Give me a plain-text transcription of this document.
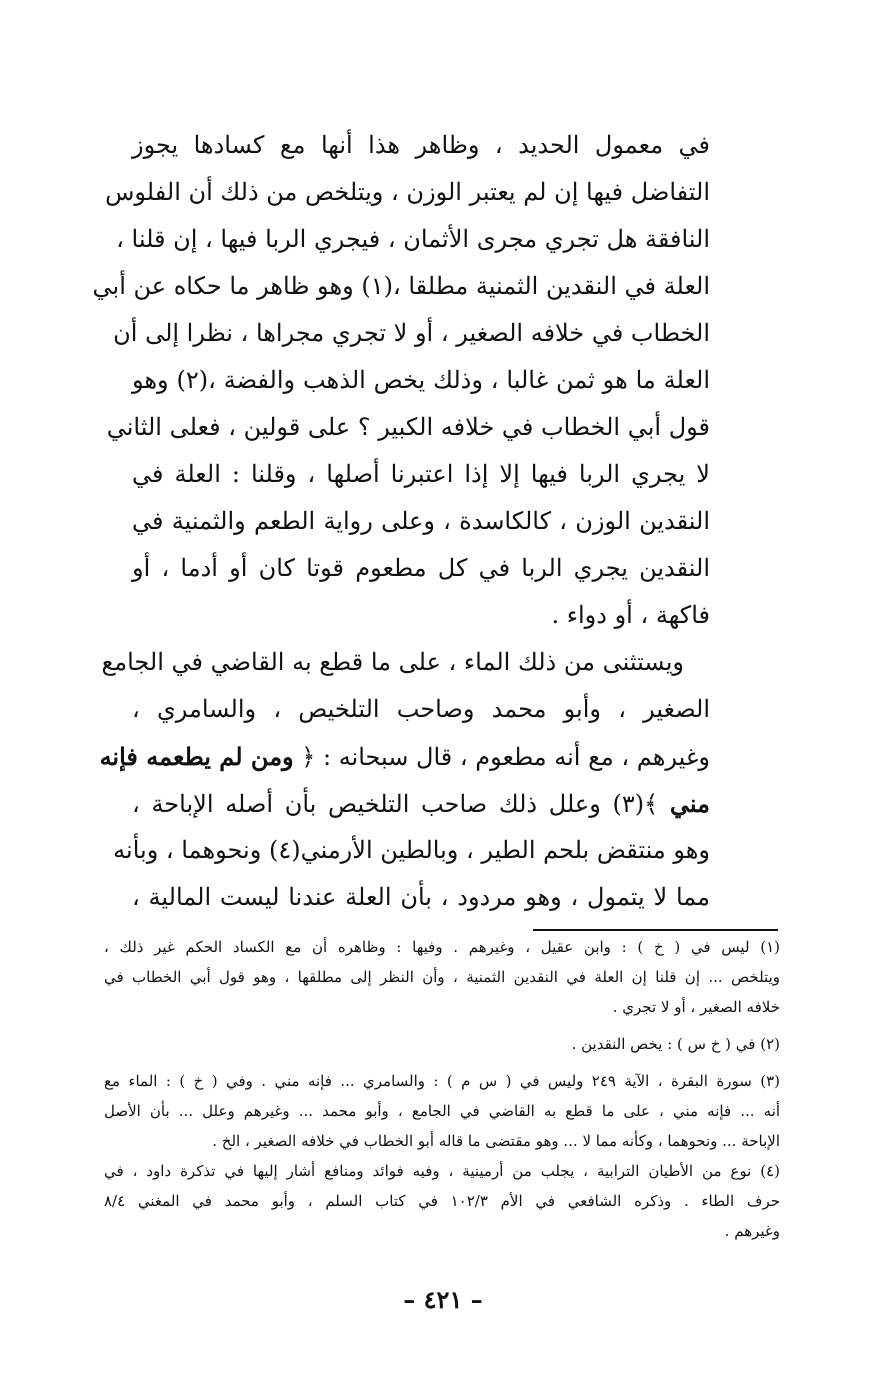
في معمول الحديد ، وظاهر هذا أنها مع كسادها يجوز
التفاضل فيها إن لم يعتبر الوزن ، ويتلخص من ذلك أن الفلوس
النافقة هل تجري مجرى الأثمان ، فيجري الربا فيها ، إن قلنا ،
العلة في النقدين الثمنية مطلقا ،(١) وهو ظاهر ما حكاه عن أبي
الخطاب في خلافه الصغير ، أو لا تجري مجراها ، نظرا إلى أن
العلة ما هو ثمن غالبا ، وذلك يخص الذهب والفضة ،(٢) وهو
قول أبي الخطاب في خلافه الكبير ؟ على قولين ، فعلى الثاني
لا يجري الربا فيها إلا إذا اعتبرنا أصلها ، وقلنا : العلة في
النقدين الوزن ، كالكاسدة ، وعلى رواية الطعم والثمنية في
النقدين يجري الربا في كل مطعوم قوتا كان أو أدما ، أو
فاكهة ، أو دواء .
ويستثنى من ذلك الماء ، على ما قطع به القاضي في الجامع
الصغير ، وأبو محمد وصاحب التلخيص ، والسامري ،
وغيرهم ، مع أنه مطعوم ، قال سبحانه : ﴿ ومن لم يطعمه فإنه
مني ﴾(٣) وعلل ذلك صاحب التلخيص بأن أصله الإباحة ،
وهو منتقض بلحم الطير ، وبالطين الأرمني(٤) ونحوهما ، وبأنه
مما لا يتمول ، وهو مردود ، بأن العلة عندنا ليست المالية ،
(١) ليس في ( خ ) : وابن عقيل ، وغيرهم . وفيها : وظاهره أن مع الكساد الحكم غير ذلك ،
ويتلخص ... إن قلنا إن العلة في النقدين الثمنية ، وأن النظر إلى مطلقها ، وهو قول أبي الخطاب في
خلافه الصغير ، أو لا تجري .
(٢) في ( خ س ) : يخص النقدين .
(٣) سورة البقرة ، الآية ٢٤٩ وليس في ( س م ) : والسامري ... فإنه مني . وفي ( خ ) : الماء مع
أنه ... فإنه مني ، على ما قطع به القاضي في الجامع ، وأبو محمد ... وغيرهم وعلل ... بأن الأصل
الإباحة ... ونحوهما ، وكأنه مما لا ... وهو مقتضى ما قاله أبو الخطاب في خلافه الصغير ، الخ .
(٤) نوع من الأطيان الترابية ، يجلب من أرمينية ، وفيه فوائد ومنافع أشار إليها في تذكرة داود ، في
حرف الطاء . وذكره الشافعي في الأم ١٠٢/٣ في كتاب السلم ، وأبو محمد في المغني ٨/٤
وغيرهم .
– ٤٢١ –
